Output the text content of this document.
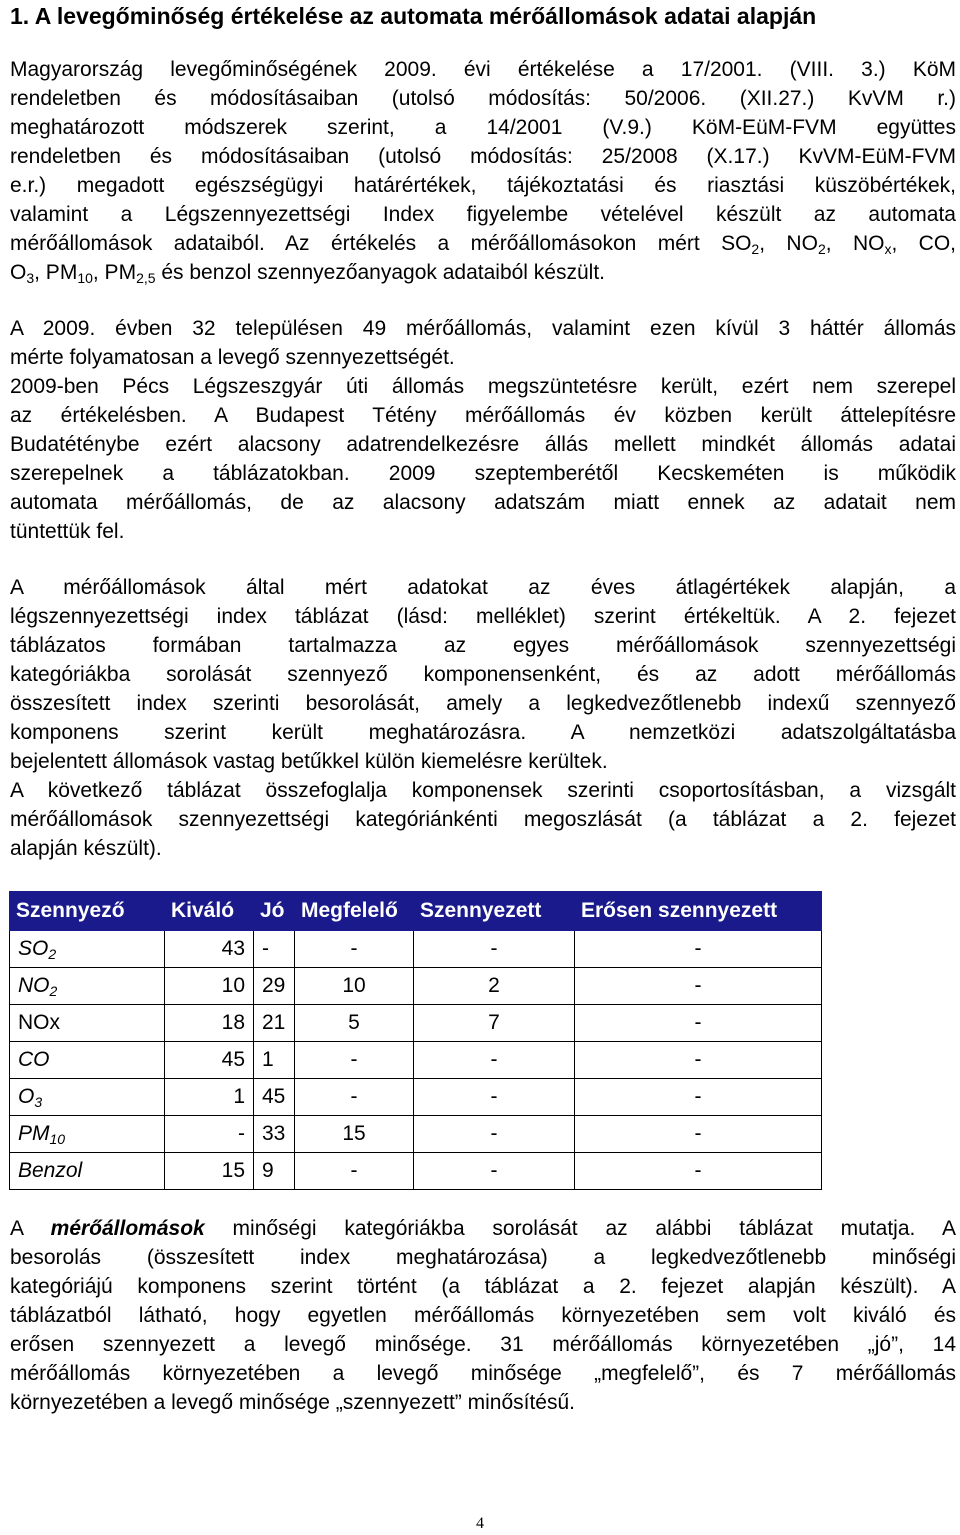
1. A levegőminőség értékelése az automata mérőállomások adatai alapján
Magyarország levegőminőségének 2009. évi értékelése a 17/2001. (VIII. 3.) KöM
rendeletben és módosításaiban (utolsó módosítás: 50/2006. (XII.27.) KvVM r.)
meghatározott módszerek szerint, a 14/2001 (V.9.) KöM-EüM-FVM együttes
rendeletben és módosításaiban (utolsó módosítás: 25/2008 (X.17.) KvVM-EüM-FVM
e.r.) megadott egészségügyi határértékek, tájékoztatási és riasztási küszöbértékek,
valamint a Légszennyezettségi Index figyelembe vételével készült az automata
mérőállomások adataiból. Az értékelés a mérőállomásokon mért $SO_2$, $NO_2$, $NO_x$, CO,
$O_3$, $PM_{10}$, $PM_{2,5}$ és benzol szennyezőanyagok adataiból készült.
A 2009. évben 32 településen 49 mérőállomás, valamint ezen kívül 3 háttér állomás
mérte folyamatosan a levegő szennyezettségét.
2009-ben Pécs Légszeszgyár úti állomás megszüntetésre került, ezért nem szerepel
az értékelésben. A Budapest Tétény mérőállomás év közben került áttelepítésre
Budatéténybe ezért alacsony adatrendelkezésre állás mellett mindkét állomás adatai
szerepelnek a táblázatokban. 2009 szeptemberétől Kecskeméten is működik
automata mérőállomás, de az alacsony adatszám miatt ennek az adatait nem
tüntettük fel.
A mérőállomások által mért adatokat az éves átlagértékek alapján, a
légszennyezettségi index táblázat (lásd: melléklet) szerint értékeltük. A 2. fejezet
táblázatos formában tartalmazza az egyes mérőállomások szennyezettségi
kategóriákba sorolását szennyező komponensenként, és az adott mérőállomás
összesített index szerinti besorolását, amely a legkedvezőtlenebb indexű szennyező
komponens szerint került meghatározásra. A nemzetközi adatszolgáltatásba
bejelentett állomások vastag betűkkel külön kiemelésre kerültek.
A következő táblázat összefoglalja komponensek szerinti csoportosításban, a vizsgált
mérőállomások szennyezettségi kategóriánkénti megoszlását (a táblázat a 2. fejezet
alapján készült).
Szennyező	Kiváló	Jó	Megfelelő	Szennyezett	Erősen szennyezett
$SO_2$	43	-	-	-	-
$NO_2$	10	29	10	2	-
NOx	18	21	5	7	-
CO	45	1	-	-	-
$O_3$	1	45	-	-	-
$PM_{10}$	-	33	15	-	-
Benzol	15	9	-	-	-
A mérőállomások minőségi kategóriákba sorolását az alábbi táblázat mutatja. A
besorolás (összesített index meghatározása) a legkedvezőtlenebb minőségi
kategóriájú komponens szerint történt (a táblázat a 2. fejezet alapján készült). A
táblázatból látható, hogy egyetlen mérőállomás környezetében sem volt kiváló és
erősen szennyezett a levegő minősége. 31 mérőállomás környezetében „jó”, 14
mérőállomás környezetében a levegő minősége „megfelelő”, és 7 mérőállomás
környezetében a levegő minősége „szennyezett” minősítésű.
4
